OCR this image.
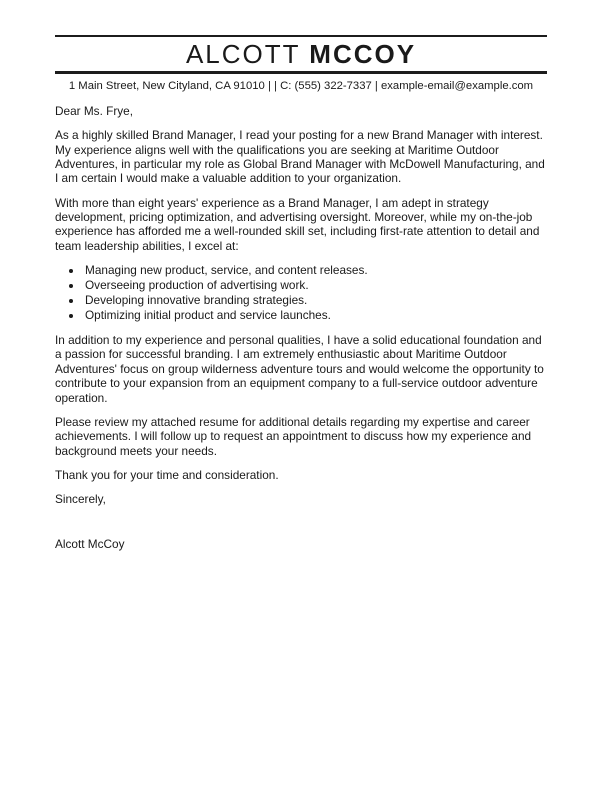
ALCOTT MCCOY

1 Main Street, New Cityland, CA 91010 | | C: (555) 322-7337 | example-email@example.com

Dear Ms. Frye,

As a highly skilled Brand Manager, I read your posting for a new Brand Manager with interest. My experience aligns well with the qualifications you are seeking at Maritime Outdoor Adventures, in particular my role as Global Brand Manager with McDowell Manufacturing, and I am certain I would make a valuable addition to your organization.

With more than eight years' experience as a Brand Manager, I am adept in strategy development, pricing optimization, and advertising oversight. Moreover, while my on-the-job experience has afforded me a well-rounded skill set, including first-rate attention to detail and team leadership abilities, I excel at:

• Managing new product, service, and content releases.
• Overseeing production of advertising work.
• Developing innovative branding strategies.
• Optimizing initial product and service launches.

In addition to my experience and personal qualities, I have a solid educational foundation and a passion for successful branding. I am extremely enthusiastic about Maritime Outdoor Adventures' focus on group wilderness adventure tours and would welcome the opportunity to contribute to your expansion from an equipment company to a full-service outdoor adventure operation.

Please review my attached resume for additional details regarding my expertise and career achievements. I will follow up to request an appointment to discuss how my experience and background meets your needs.

Thank you for your time and consideration.

Sincerely,

Alcott McCoy
